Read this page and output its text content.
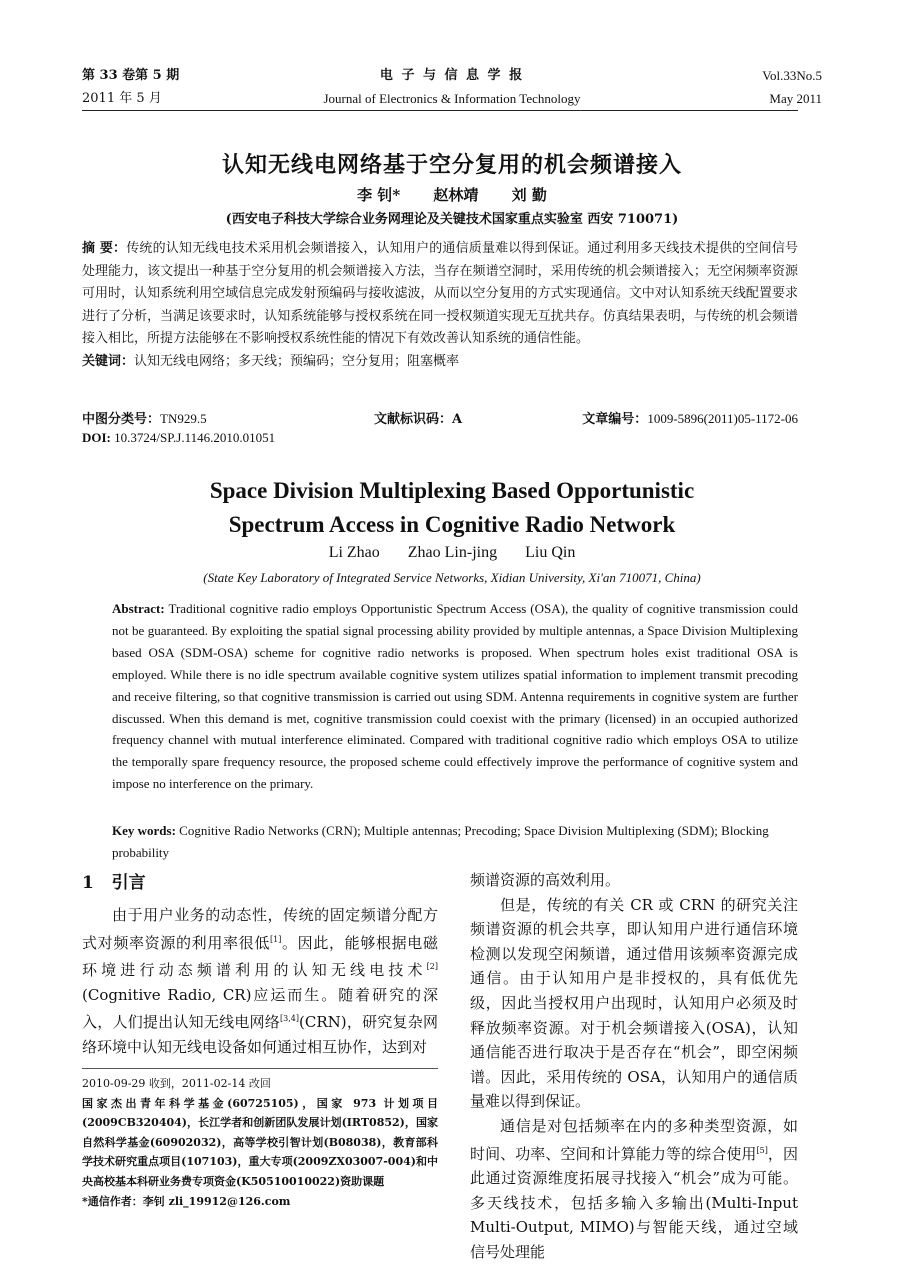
第 33 卷第 5 期	电 子 与 信 息 学 报	Vol.33No.5
2011 年 5 月	Journal of Electronics & Information Technology	May 2011
认知无线电网络基于空分复用的机会频谱接入
李 钊* 赵林靖 刘 勤
(西安电子科技大学综合业务网理论及关键技术国家重点实验室 西安 710071)
摘 要：传统的认知无线电技术采用机会频谱接入，认知用户的通信质量难以得到保证。通过利用多天线技术提供的空间信号处理能力，该文提出一种基于空分复用的机会频谱接入方法，当存在频谱空洞时，采用传统的机会频谱接入；无空闲频率资源可用时，认知系统利用空域信息完成发射预编码与接收滤波，从而以空分复用的方式实现通信。文中对认知系统天线配置要求进行了分析，当满足该要求时，认知系统能够与授权系统在同一授权频道实现无互扰共存。仿真结果表明，与传统的机会频谱接入相比，所提方法能够在不影响授权系统性能的情况下有效改善认知系统的通信性能。
关键词：认知无线电网络；多天线；预编码；空分复用；阻塞概率
中图分类号：TN929.5	文献标识码：A	文章编号：1009-5896(2011)05-1172-06
DOI: 10.3724/SP.J.1146.2010.01051
Space Division Multiplexing Based Opportunistic
Spectrum Access in Cognitive Radio Network
Li Zhao Zhao Lin-jing Liu Qin
(State Key Laboratory of Integrated Service Networks, Xidian University, Xi'an 710071, China)
Abstract: Traditional cognitive radio employs Opportunistic Spectrum Access (OSA), the quality of cognitive transmission could not be guaranteed. By exploiting the spatial signal processing ability provided by multiple antennas, a Space Division Multiplexing based OSA (SDM-OSA) scheme for cognitive radio networks is proposed. When spectrum holes exist traditional OSA is employed. While there is no idle spectrum available cognitive system utilizes spatial information to implement transmit precoding and receive filtering, so that cognitive transmission is carried out using SDM. Antenna requirements in cognitive system are further discussed. When this demand is met, cognitive transmission could coexist with the primary (licensed) in an occupied authorized frequency channel with mutual interference eliminated. Compared with traditional cognitive radio which employs OSA to utilize the temporally spare frequency resource, the proposed scheme could effectively improve the performance of cognitive system and impose no interference on the primary.
Key words: Cognitive Radio Networks (CRN); Multiple antennas; Precoding; Space Division Multiplexing (SDM); Blocking probability
1 引言

由于用户业务的动态性，传统的固定频谱分配方式对频率资源的利用率很低[1]。因此，能够根据电磁环境进行动态频谱利用的认知无线电技术[2](Cognitive Radio, CR)应运而生。随着研究的深入，人们提出认知无线电网络[3,4](CRN)，研究复杂网络环境中认知无线电设备如何通过相互协作，达到对

2010-09-29 收到，2011-02-14 改回

国家杰出青年科学基金(60725105)，国家 973 计划项目(2009CB320404)，长江学者和创新团队发展计划(IRT0852)，国家自然科学基金(60902032)，高等学校引智计划(B08038)，教育部科学技术研究重点项目(107103)，重大专项(2009ZX03007-004)和中央高校基本科研业务费专项资金(K50510010022)资助课题

*通信作者：李钊 zli_19912@126.com

频谱资源的高效利用。

但是，传统的有关 CR 或 CRN 的研究关注频谱资源的机会共享，即认知用户进行通信环境检测以发现空闲频谱，通过借用该频率资源完成通信。由于认知用户是非授权的，具有低优先级，因此当授权用户出现时，认知用户必须及时释放频率资源。对于机会频谱接入(OSA)，认知通信能否进行取决于是否存在“机会”，即空闲频谱。因此，采用传统的 OSA，认知用户的通信质量难以得到保证。

通信是对包括频率在内的多种类型资源，如时间、功率、空间和计算能力等的综合使用[5]，因此通过资源维度拓展寻找接入“机会”成为可能。多天线技术，包括多输入多输出(Multi-Input Multi-Output, MIMO)与智能天线，通过空域信号处理能
